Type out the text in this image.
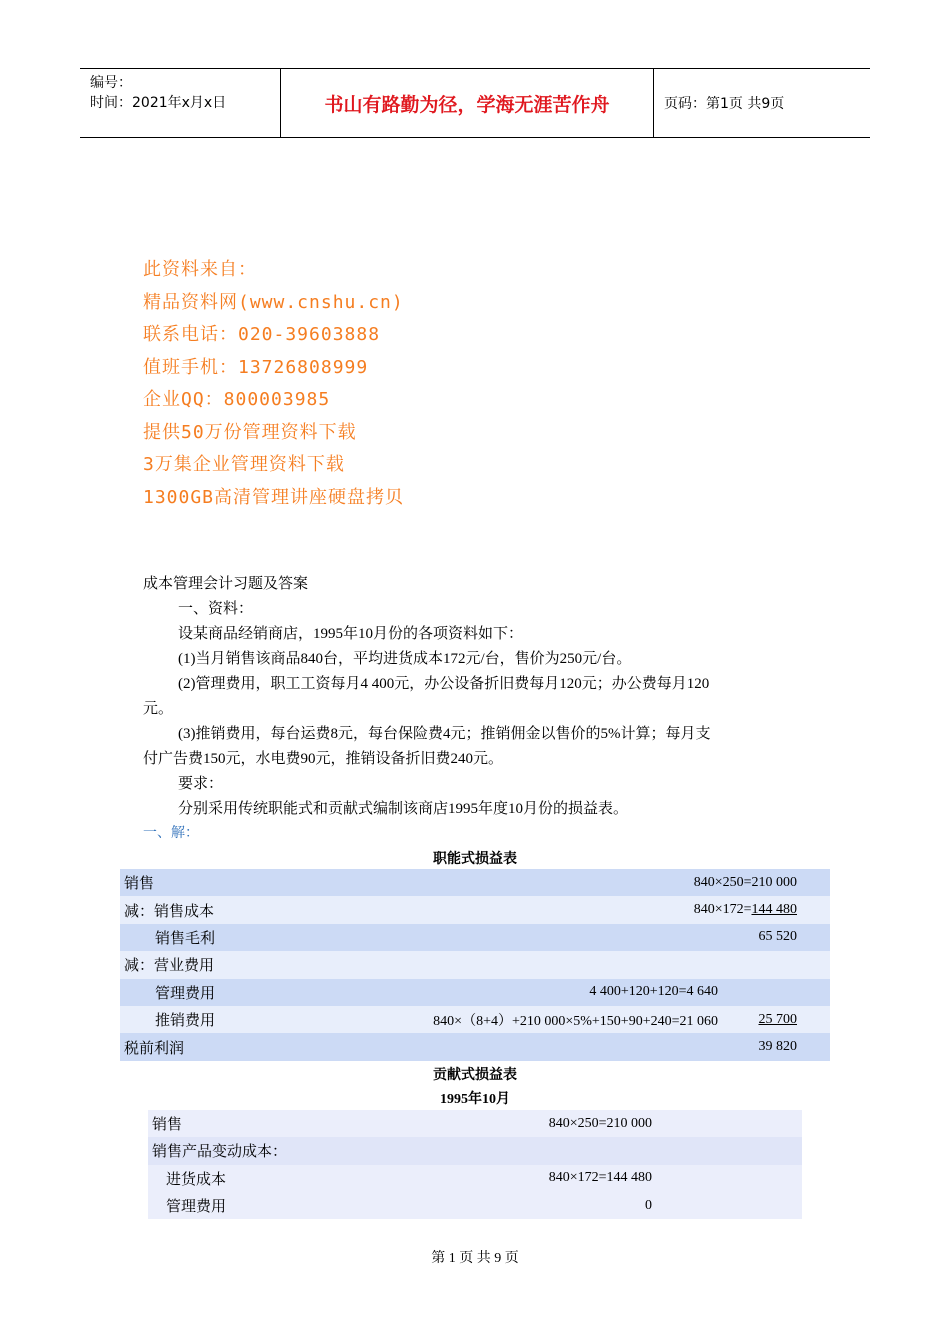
编号：
时间：2021年x月x日	书山有路勤为径，学海无涯苦作舟	页码：第1页 共9页
此资料来自：
精品资料网(www.cnshu.cn)
联系电话：020-39603888
值班手机：13726808999
企业QQ：800003985
提供50万份管理资料下载
3万集企业管理资料下载
1300GB高清管理讲座硬盘拷贝
成本管理会计习题及答案
一、资料：
设某商品经销商店，1995年10月份的各项资料如下：
(1)当月销售该商品840台，平均进货成本172元/台，售价为250元/台。
(2)管理费用，职工工资每月4 400元，办公设备折旧费每月120元；办公费每月120
元。
(3)推销费用，每台运费8元，每台保险费4元；推销佣金以售价的5%计算；每月支
付广告费150元，水电费90元，推销设备折旧费240元。
要求：
分别采用传统职能式和贡献式编制该商店1995年度10月份的损益表。
一、解：
职能式损益表
销售	840×250=210 000
减：销售成本	840×172=144 480
销售毛利	65 520
减：营业费用
管理费用	4 400+120+120=4 640
推销费用	840×（8+4）+210 000×5%+150+90+240=21 060	25 700
税前利润	39 820
贡献式损益表
1995年10月
销售	840×250=210 000
销售产品变动成本：
进货成本	840×172=144 480
管理费用	0
第 1 页 共 9 页
